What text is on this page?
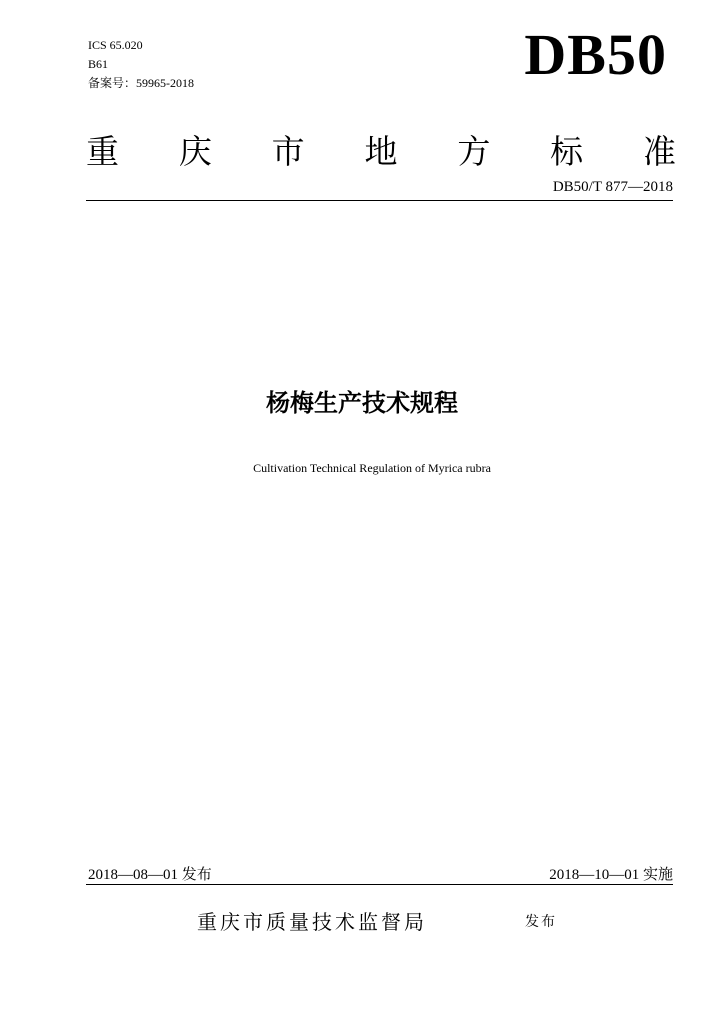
ICS 65.020
B61
备案号：59965-2018	DB50
重 庆 市 地 方 标 准
DB50/T 877—2018
杨梅生产技术规程
Cultivation Technical Regulation of Myrica rubra
2018—08—01 发布	2018—10—01 实施
重庆市质量技术监督局	发布
